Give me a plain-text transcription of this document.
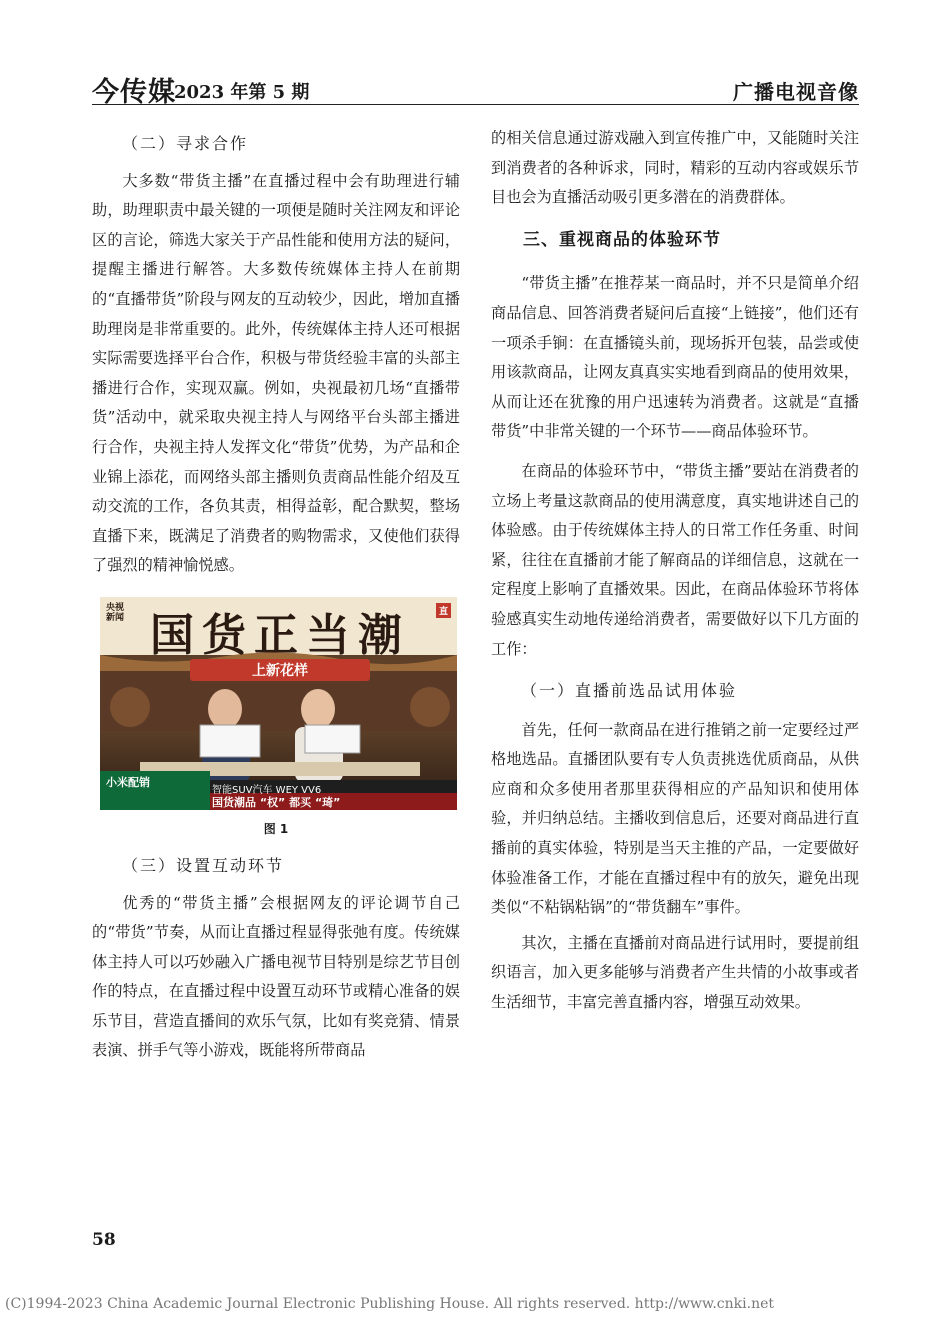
今传媒
2023 年第 5 期	广播电视音像

（二）寻求合作

大多数“带货主播”在直播过程中会有助理进行辅助，助理职责中最关键的一项便是随时关注网友和评论区的言论，筛选大家关于产品性能和使用方法的疑问，提醒主播进行解答。大多数传统媒体主持人在前期的“直播带货”阶段与网友的互动较少，因此，增加直播助理岗是非常重要的。此外，传统媒体主持人还可根据实际需要选择平台合作，积极与带货经验丰富的头部主播进行合作，实现双赢。例如，央视最初几场“直播带货”活动中，就采取央视主持人与网络平台头部主播进行合作，央视主持人发挥文化“带货”优势，为产品和企业锦上添花，而网络头部主播则负责商品性能介绍及互动交流的工作，各负其责，相得益彰，配合默契，整场直播下来，既满足了消费者的购物需求，又使他们获得了强烈的精神愉悦感。

国货正当潮
央视
新闻
直
上新花样
小米配销
智能SUV汽车 WEY VV6
国货潮品 “权” 都买 “琦”

图 1

（三）设置互动环节

优秀的“带货主播”会根据网友的评论调节自己的“带货”节奏，从而让直播过程显得张弛有度。传统媒体主持人可以巧妙融入广播电视节目特别是综艺节目创作的特点，在直播过程中设置互动环节或精心准备的娱乐节目，营造直播间的欢乐气氛，比如有奖竞猜、情景表演、拼手气等小游戏，既能将所带商品

的相关信息通过游戏融入到宣传推广中，又能随时关注到消费者的各种诉求，同时，精彩的互动内容或娱乐节目也会为直播活动吸引更多潜在的消费群体。

三、重视商品的体验环节

“带货主播”在推荐某一商品时，并不只是简单介绍商品信息、回答消费者疑问后直接“上链接”，他们还有一项杀手锏：在直播镜头前，现场拆开包装，品尝或使用该款商品，让网友真真实实地看到商品的使用效果，从而让还在犹豫的用户迅速转为消费者。这就是“直播带货”中非常关键的一个环节——商品体验环节。

在商品的体验环节中，“带货主播”要站在消费者的立场上考量这款商品的使用满意度，真实地讲述自己的体验感。由于传统媒体主持人的日常工作任务重、时间紧，往往在直播前才能了解商品的详细信息，这就在一定程度上影响了直播效果。因此，在商品体验环节将体验感真实生动地传递给消费者，需要做好以下几方面的工作：

（一）直播前选品试用体验

首先，任何一款商品在进行推销之前一定要经过严格地选品。直播团队要有专人负责挑选优质商品，从供应商和众多使用者那里获得相应的产品知识和使用体验，并归纳总结。主播收到信息后，还要对商品进行直播前的真实体验，特别是当天主推的产品，一定要做好体验准备工作，才能在直播过程中有的放矢，避免出现类似“不粘锅粘锅”的“带货翻车”事件。

其次，主播在直播前对商品进行试用时，要提前组织语言，加入更多能够与消费者产生共情的小故事或者生活细节，丰富完善直播内容，增强互动效果。

58
(C)1994-2023 China Academic Journal Electronic Publishing House. All rights reserved. http://www.cnki.net
